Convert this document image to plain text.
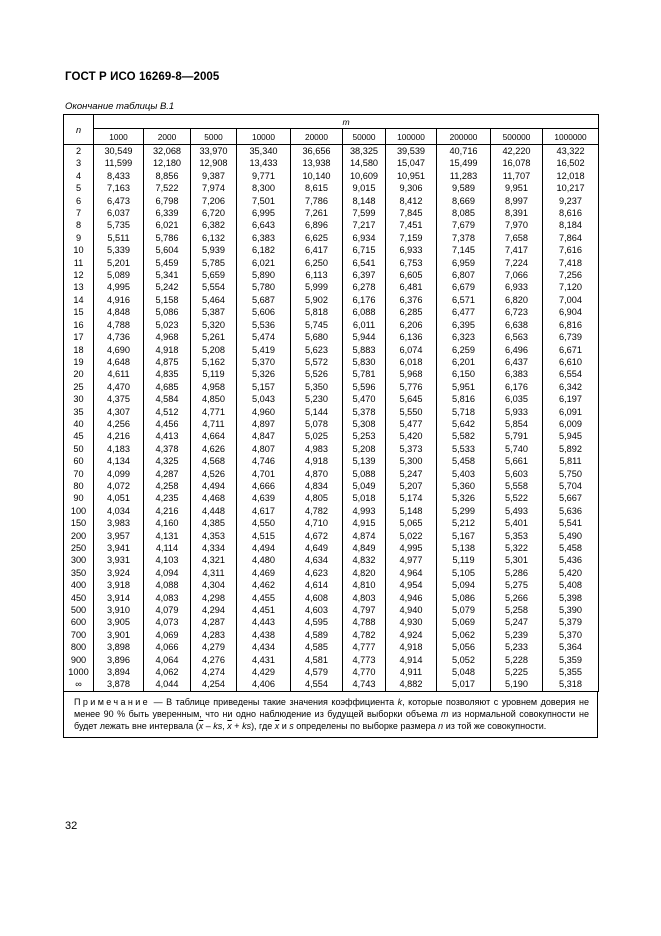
ГОСТ Р ИСО 16269-8—2005
Окончание таблицы В.1
n	m									
	1000	2000	5000	10000	20000	50000	100000	200000	500000	1000000
2	30,549	32,068	33,970	35,340	36,656	38,325	39,539	40,716	42,220	43,322
3	11,599	12,180	12,908	13,433	13,938	14,580	15,047	15,499	16,078	16,502
4	8,433	8,856	9,387	9,771	10,140	10,609	10,951	11,283	11,707	12,018
5	7,163	7,522	7,974	8,300	8,615	9,015	9,306	9,589	9,951	10,217
6	6,473	6,798	7,206	7,501	7,786	8,148	8,412	8,669	8,997	9,237
7	6,037	6,339	6,720	6,995	7,261	7,599	7,845	8,085	8,391	8,616
8	5,735	6,021	6,382	6,643	6,896	7,217	7,451	7,679	7,970	8,184
9	5,511	5,786	6,132	6,383	6,625	6,934	7,159	7,378	7,658	7,864
10	5,339	5,604	5,939	6,182	6,417	6,715	6,933	7,145	7,417	7,616
11	5,201	5,459	5,785	6,021	6,250	6,541	6,753	6,959	7,224	7,418
12	5,089	5,341	5,659	5,890	6,113	6,397	6,605	6,807	7,066	7,256
13	4,995	5,242	5,554	5,780	5,999	6,278	6,481	6,679	6,933	7,120
14	4,916	5,158	5,464	5,687	5,902	6,176	6,376	6,571	6,820	7,004
15	4,848	5,086	5,387	5,606	5,818	6,088	6,285	6,477	6,723	6,904
16	4,788	5,023	5,320	5,536	5,745	6,011	6,206	6,395	6,638	6,816
17	4,736	4,968	5,261	5,474	5,680	5,944	6,136	6,323	6,563	6,739
18	4,690	4,918	5,208	5,419	5,623	5,883	6,074	6,259	6,496	6,671
19	4,648	4,875	5,162	5,370	5,572	5,830	6,018	6,201	6,437	6,610
20	4,611	4,835	5,119	5,326	5,526	5,781	5,968	6,150	6,383	6,554
25	4,470	4,685	4,958	5,157	5,350	5,596	5,776	5,951	6,176	6,342
30	4,375	4,584	4,850	5,043	5,230	5,470	5,645	5,816	6,035	6,197
35	4,307	4,512	4,771	4,960	5,144	5,378	5,550	5,718	5,933	6,091
40	4,256	4,456	4,711	4,897	5,078	5,308	5,477	5,642	5,854	6,009
45	4,216	4,413	4,664	4,847	5,025	5,253	5,420	5,582	5,791	5,945
50	4,183	4,378	4,626	4,807	4,983	5,208	5,373	5,533	5,740	5,892
60	4,134	4,325	4,568	4,746	4,918	5,139	5,300	5,458	5,661	5,811
70	4,099	4,287	4,526	4,701	4,870	5,088	5,247	5,403	5,603	5,750
80	4,072	4,258	4,494	4,666	4,834	5,049	5,207	5,360	5,558	5,704
90	4,051	4,235	4,468	4,639	4,805	5,018	5,174	5,326	5,522	5,667
100	4,034	4,216	4,448	4,617	4,782	4,993	5,148	5,299	5,493	5,636
150	3,983	4,160	4,385	4,550	4,710	4,915	5,065	5,212	5,401	5,541
200	3,957	4,131	4,353	4,515	4,672	4,874	5,022	5,167	5,353	5,490
250	3,941	4,114	4,334	4,494	4,649	4,849	4,995	5,138	5,322	5,458
300	3,931	4,103	4,321	4,480	4,634	4,832	4,977	5,119	5,301	5,436
350	3,924	4,094	4,311	4,469	4,623	4,820	4,964	5,105	5,286	5,420
400	3,918	4,088	4,304	4,462	4,614	4,810	4,954	5,094	5,275	5,408
450	3,914	4,083	4,298	4,455	4,608	4,803	4,946	5,086	5,266	5,398
500	3,910	4,079	4,294	4,451	4,603	4,797	4,940	5,079	5,258	5,390
600	3,905	4,073	4,287	4,443	4,595	4,788	4,930	5,069	5,247	5,379
700	3,901	4,069	4,283	4,438	4,589	4,782	4,924	5,062	5,239	5,370
800	3,898	4,066	4,279	4,434	4,585	4,777	4,918	5,056	5,233	5,364
900	3,896	4,064	4,276	4,431	4,581	4,773	4,914	5,052	5,228	5,359
1000	3,894	4,062	4,274	4,429	4,579	4,770	4,911	5,048	5,225	5,355
∞	3,878	4,044	4,254	4,406	4,554	4,743	4,882	5,017	5,190	5,318
Примечание — В таблице приведены такие значения коэффициента k, которые позволяют с уровнем доверия не менее 90 % быть уверенным, что ни одно наблюдение из будущей выборки объема m из нормальной совокупности не будет лежать вне интервала ($\overline{x}$ – ks, $\overline{x} + ks$), где $\overline{x}$ и s определены по выборке размера n из той же совокупности.
32
